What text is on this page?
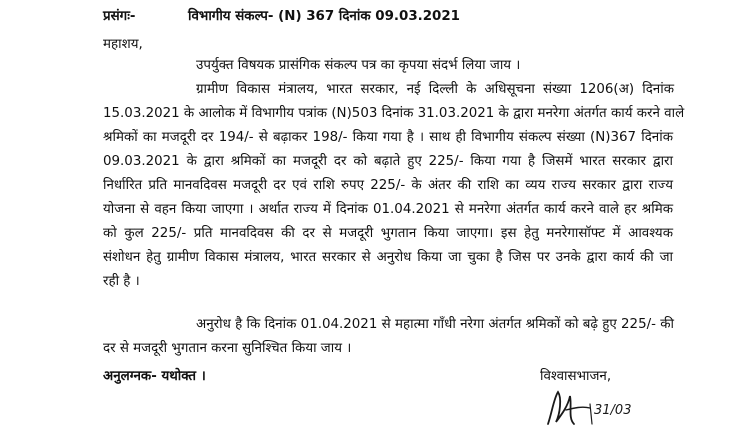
प्रसंगः-	विभागीय संकल्प- (N) 367 दिनांक 09.03.2021
महाशय,
उपर्युक्त विषयक प्रासंगिक संकल्प पत्र का कृपया संदर्भ लिया जाय ।
ग्रामीण विकास मंत्रालय, भारत सरकार, नई दिल्ली के अधिसूचना संख्या 1206(अ) दिनांक
15.03.2021 के आलोक में विभागीय पत्रांक (N)503 दिनांक 31.03.2021 के द्वारा मनरेगा अंतर्गत कार्य करने वाले
श्रमिकों का मजदूरी दर 194/- से बढ़ाकर 198/- किया गया है । साथ ही विभागीय संकल्प संख्या (N)367 दिनांक
09.03.2021 के द्वारा श्रमिकों का मजदूरी दर को बढ़ाते हुए 225/- किया गया है जिसमें भारत सरकार द्वारा
निर्धारित प्रति मानवदिवस मजदूरी दर एवं राशि रुपए 225/- के अंतर की राशि का व्यय राज्य सरकार द्वारा राज्य
योजना से वहन किया जाएगा । अर्थात राज्य में दिनांक 01.04.2021 से मनरेगा अंतर्गत कार्य करने वाले हर श्रमिक
को कुल 225/- प्रति मानवदिवस की दर से मजदूरी भुगतान किया जाएगा। इस हेतु मनरेगासॉफ्ट में आवश्यक
संशोधन हेतु ग्रामीण विकास मंत्रालय, भारत सरकार से अनुरोध किया जा चुका है जिस पर उनके द्वारा कार्य की जा
रही है ।
अनुरोध है कि दिनांक 01.04.2021 से महात्मा गाँधी नरेगा अंतर्गत श्रमिकों को बढ़े हुए 225/- की
दर से मजदूरी भुगतान करना सुनिश्चित किया जाय ।
अनुलग्नक- यथोक्त ।	विश्वासभाजन,
31/03
